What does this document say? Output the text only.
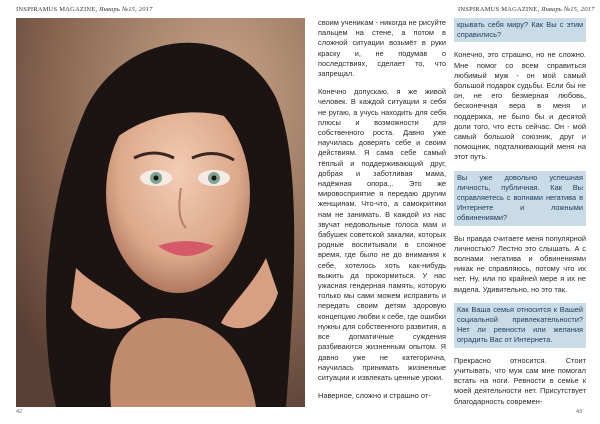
INSPIRAMUS MAGAZINE, Январь №15, 2017	INSPIRAMUS MAGAZINE, Январь №15, 2017

своим ученикам - никогда не рисуйте пальцем на стене, а потом в сложной ситуации возьмёт в руки краску и, не подумав о последствиях, сделает то, что запрещал.

Конечно допускаю, я же живой человек. В каждой ситуации я себя не ругаю, а учусь находить для себя плюсы и возможности для собственного роста. Давно уже научилась доверять себе и своим действиям. Я сама себе самый тёплый и поддерживающий друг, добрая и заботливая мама, надёжная опора... Это же мировосприятие я передаю другим женщинам. Что-что, а самокритики нам не занимать. В каждой из нас звучат недовольные голоса мам и бабушек советской закалки, которых родные воспитывали в сложное время, где было не до внимания к себе, хотелось хоть как-нибудь выжить да прокормиться. У нас ужасная гендерная память, которую только мы сами можем исправить и передать своим детям здоровую концепцию любви к себе, где ошибки нужны для собственного развития, а все догматичные суждения разбиваются жизненным опытом. Я давно уже не категорична, научилась принимать жизненные ситуации и извлекать ценные уроки.

Наверное, сложно и страшно от-

крывать себя миру? Как Вы с этим справились?

Конечно, это страшно, но не сложно. Мне помог со всем справиться любимый муж - он мой самый большой подарок судьбы. Если бы не он, не его безмерная любовь, бесконечная вера в меня и поддержка, не было бы и десятой доли того, что есть сейчас. Он - мой самый большой союзник, друг и помощник, подталкивающий меня на этот путь.

Вы уже довольно успешная личность, публичная. Как Вы справляетесь с волнами негатива в Интернете и ложными обвинениями?

Вы правда считаете меня популярной личностью? Лестно это слышать. А с волнами негатива и обвинениями никак не справляюсь, потому что их нет. Ну, или по крайней мере я их не видела. Удивительно, но это так.

Как Ваша семья относится к Вашей социальной привлекательности? Нет ли ревности или желания оградить Вас от Интернета.

Прекрасно относится. Стоит учитывать, что муж сам мне помогал встать на ноги. Ревности в семье к моей деятельности нет. Присутствует благодарность современ-

42	43
